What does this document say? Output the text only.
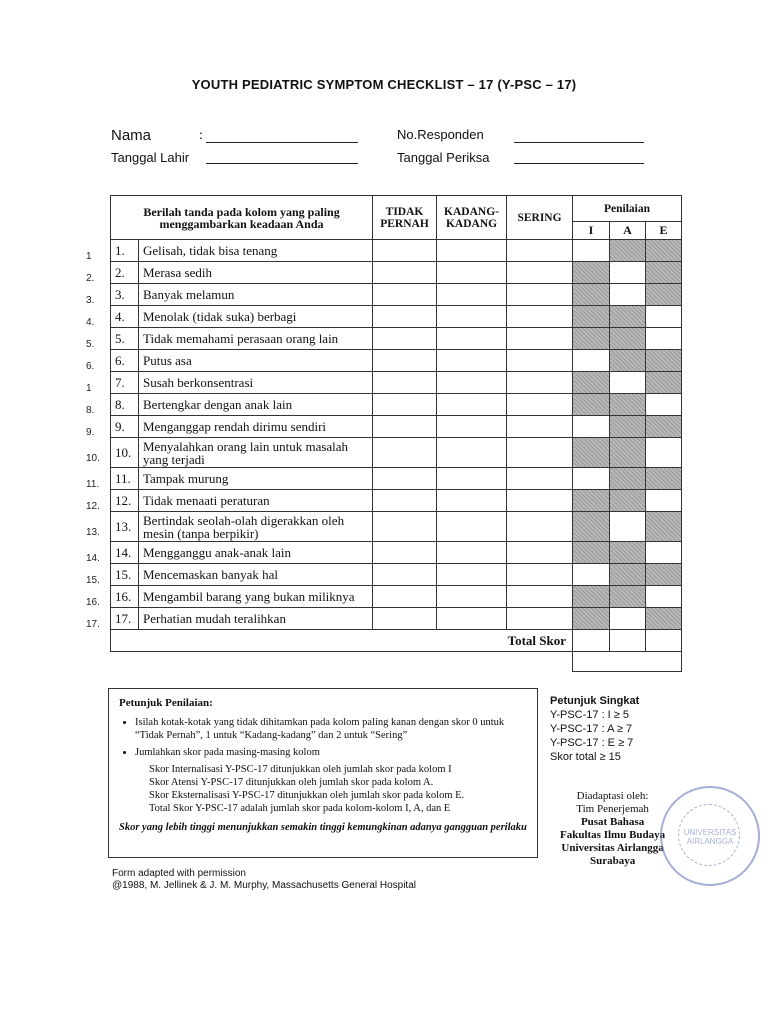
YOUTH PEDIATRIC SYMPTOM CHECKLIST – 17 (Y-PSC – 17)
Nama	:
Tanggal Lahir
No.Responden
Tanggal Periksa
1
2.
3.
4.
5.
6.
1
8.
9.
10.
11.
12.
13.
14.
15.
16.
17.
Berilah tanda pada kolom yang paling menggambarkan keadaan Anda		TIDAK PERNAH	KADANG-KADANG	SERING	Penilaian		
					I	A	E
1.	Gelisah, tidak bisa tenang						
2.	Merasa sedih						
3.	Banyak melamun						
4.	Menolak (tidak suka) berbagi						
5.	Tidak memahami perasaan orang lain						
6.	Putus asa						
7.	Susah berkonsentrasi						
8.	Bertengkar dengan anak lain						
9.	Menganggap rendah dirimu sendiri						
10.	Menyalahkan orang lain untuk masalah yang terjadi						
11.	Tampak murung						
12.	Tidak menaati peraturan						
13.	Bertindak seolah-olah digerakkan oleh mesin (tanpa berpikir)						
14.	Mengganggu anak-anak lain						
15.	Mencemaskan banyak hal						
16.	Mengambil barang yang bukan miliknya						
17.	Perhatian mudah teralihkan						
Total Skor							

Petunjuk Penilaian:
• Isilah kotak-kotak yang tidak dihitamkan pada kolom paling kanan dengan skor 0 untuk “Tidak Pernah”, 1 untuk “Kadang-kadang” dan 2 untuk “Sering”
• Jumlahkan skor pada masing-masing kolom
Skor Internalisasi Y-PSC-17 ditunjukkan oleh jumlah skor pada kolom I
Skor Atensi Y-PSC-17 ditunjukkan oleh jumlah skor pada kolom A.
Skor Eksternalisasi Y-PSC-17 ditunjukkan oleh jumlah skor pada kolom E.
Total Skor Y-PSC-17 adalah jumlah skor pada kolom-kolom I, A, dan E
Skor yang lebih tinggi menunjukkan semakin tinggi kemungkinan adanya gangguan perilaku
Petunjuk Singkat
Y-PSC-17 : I ≥ 5
Y-PSC-17 : A ≥ 7
Y-PSC-17 : E ≥ 7
Skor total ≥ 15
Diadaptasi oleh:
Tim Penerjemah
Pusat Bahasa
Fakultas Ilmu Budaya
Universitas Airlangga
Surabaya
UNIVERSITAS AIRLANGGA
Form adapted with permission
@1988, M. Jellinek & J. M. Murphy, Massachusetts General Hospital
